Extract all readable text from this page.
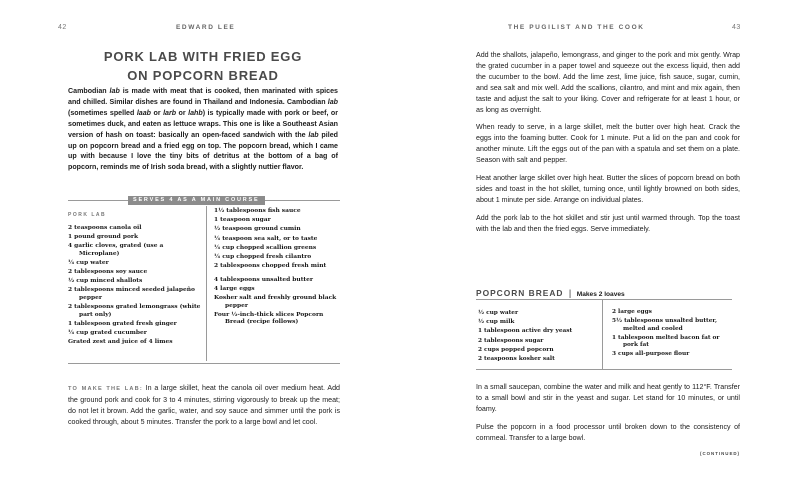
42	EDWARD LEE
PORK LAB WITH FRIED EGG
ON POPCORN BREAD

Cambodian lab is made with meat that is cooked, then marinated with spices and chilled. Similar dishes are found in Thailand and Indonesia. Cambodian lab (sometimes spelled laab or larb or lahb) is typically made with pork or beef, or sometimes duck, and eaten as lettuce wraps. This one is like a Southeast Asian version of hash on toast: basically an open-faced sandwich with the lab piled up on popcorn bread and a fried egg on top. The popcorn bread, which I came up with because I love the tiny bits of detritus at the bottom of a bag of popcorn, reminds me of Irish soda bread, with a slightly nuttier flavor.

SERVES 4 AS A MAIN COURSE
PORK LAB
2 teaspoons canola oil
1 pound ground pork
4 garlic cloves, grated (use a Microplane)
¼ cup water
2 tablespoons soy sauce
½ cup minced shallots
2 tablespoons minced seeded jalapeño pepper
2 tablespoons grated lemongrass (white part only)
1 tablespoon grated fresh ginger
¼ cup grated cucumber
Grated zest and juice of 4 limes
1½ tablespoons fish sauce
1 teaspoon sugar
½ teaspoon ground cumin
¼ teaspoon sea salt, or to taste
¼ cup chopped scallion greens
¼ cup chopped fresh cilantro
2 tablespoons chopped fresh mint
4 tablespoons unsalted butter
4 large eggs
Kosher salt and freshly ground black pepper
Four ½-inch-thick slices Popcorn Bread (recipe follows)

TO MAKE THE LAB: In a large skillet, heat the canola oil over medium heat. Add the ground pork and cook for 3 to 4 minutes, stirring vigorously to break up the meat; do not let it brown. Add the garlic, water, and soy sauce and simmer until the pork is cooked through, about 5 minutes. Transfer the pork to a large bowl and let cool.

THE PUGILIST AND THE COOK	43

Add the shallots, jalapeño, lemongrass, and ginger to the pork and mix gently. Wrap the grated cucumber in a paper towel and squeeze out the excess liquid, then add the cucumber to the bowl. Add the lime zest, lime juice, fish sauce, sugar, cumin, and sea salt and mix well. Add the scallions, cilantro, and mint and mix again, then taste and adjust the salt to your liking. Cover and refrigerate for at least 1 hour, or as long as overnight.

When ready to serve, in a large skillet, melt the butter over high heat. Crack the eggs into the foaming butter. Cook for 1 minute. Put a lid on the pan and cook for another minute. Lift the eggs out of the pan with a spatula and set them on a plate. Season with salt and pepper.

Heat another large skillet over high heat. Butter the slices of popcorn bread on both sides and toast in the hot skillet, turning once, until lightly browned on both sides, about 1 minute per side. Arrange on individual plates.

Add the pork lab to the hot skillet and stir just until warmed through. Top the toast with the lab and then the fried eggs. Serve immediately.

POPCORN BREAD | Makes 2 loaves
½ cup water
½ cup milk
1 tablespoon active dry yeast
2 tablespoons sugar
2 cups popped popcorn
2 teaspoons kosher salt
2 large eggs
5½ tablespoons unsalted butter, melted and cooled
1 tablespoon melted bacon fat or pork fat
3 cups all-purpose flour

In a small saucepan, combine the water and milk and heat gently to 112°F. Transfer to a small bowl and stir in the yeast and sugar. Let stand for 10 minutes, or until foamy.

Pulse the popcorn in a food processor until broken down to the consistency of cornmeal. Transfer to a large bowl.

(CONTINUED)
